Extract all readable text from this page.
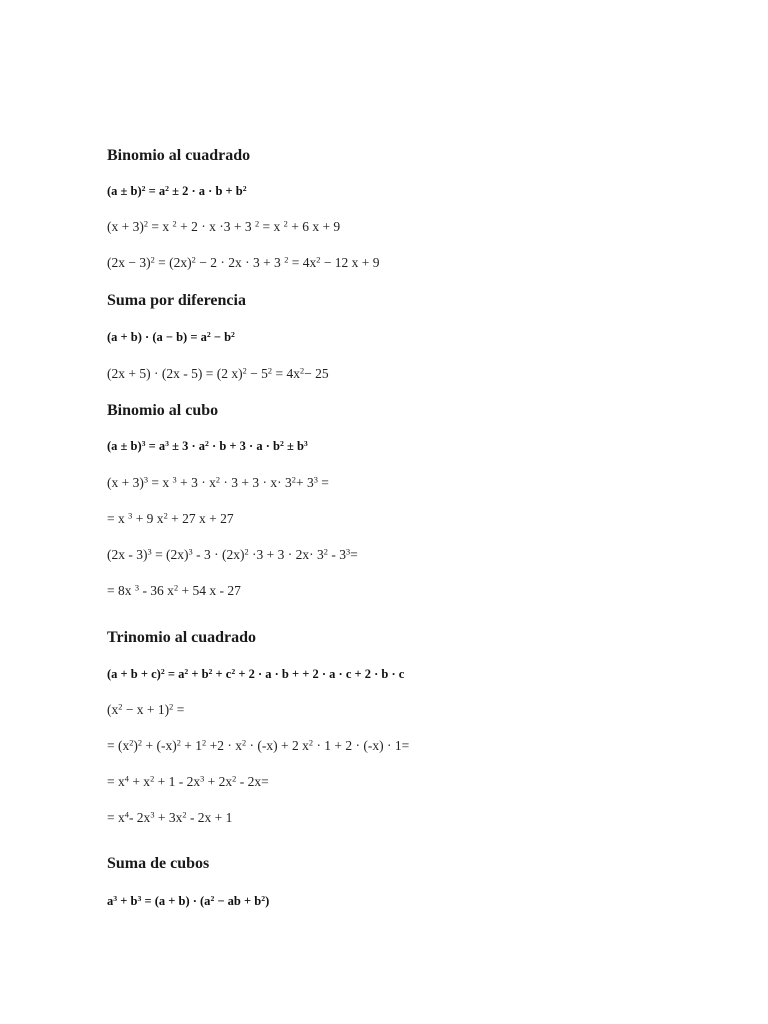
Binomio al cuadrado
$(a \pm b)^2 = a^2 \pm 2 \cdot a \cdot b + b^2$
$(x + 3)^2 = x$ $^2$ + 2 · x ·3 + 3 $^2$ = x $^2$ + 6 x + 9
$(2x - 3)^2 = (2x)^2 - 2 \cdot 2x \cdot 3 + 3$ $^2 = 4x^2 - 12$ x + 9
Suma por diferencia
$(a + b) \cdot (a - b) = a^2 - b^2$
(2x + 5) · (2x - 5) = (2 $x)^2 - 5^2 = 4x^2- 25$
Binomio al cubo
$(a \pm b)^3 = a^3 \pm 3 \cdot a^2 \cdot b + 3 \cdot a \cdot b^2 \pm b^3$
$(x + 3)^3 = x$ $^3 + 3 \cdot x^2 \cdot 3 + 3 \cdot x\cdot 3^2+ 3^3$ =
= x $^3$ + 9 $x^2 + 27$ x + 27
$(2x - 3)^3 = (2x)^3 - 3 \cdot (2x)^2 \cdot 3 + 3 \cdot 2x\cdot 3^2 - 3^3=$
= 8x $^3$ - 36 $x^2 + 54$ x - 27
Trinomio al cuadrado
$(a + b + c)^2 = a^2 + b^2 + c^2 + 2 \cdot a \cdot b$ + + 2 · a · c + 2 · b · c
$(x^2 - x + 1)^2$ =
= $(x^2)^2 + (-x)^2 + 1^2 +2 \cdot x^2 \cdot (-x) + 2$ $x^2 \cdot 1 + 2 \cdot (-x) \cdot 1=$
= $x^4 + x^2 + 1 - 2x^3 + 2x^2 - 2x=$
= $x^4-$ $2x^3 + 3x^2 - 2x + 1$
Suma de cubos
$a^3 + b^3 = (a + b) \cdot (a^2$ − ab + $b^2$)
